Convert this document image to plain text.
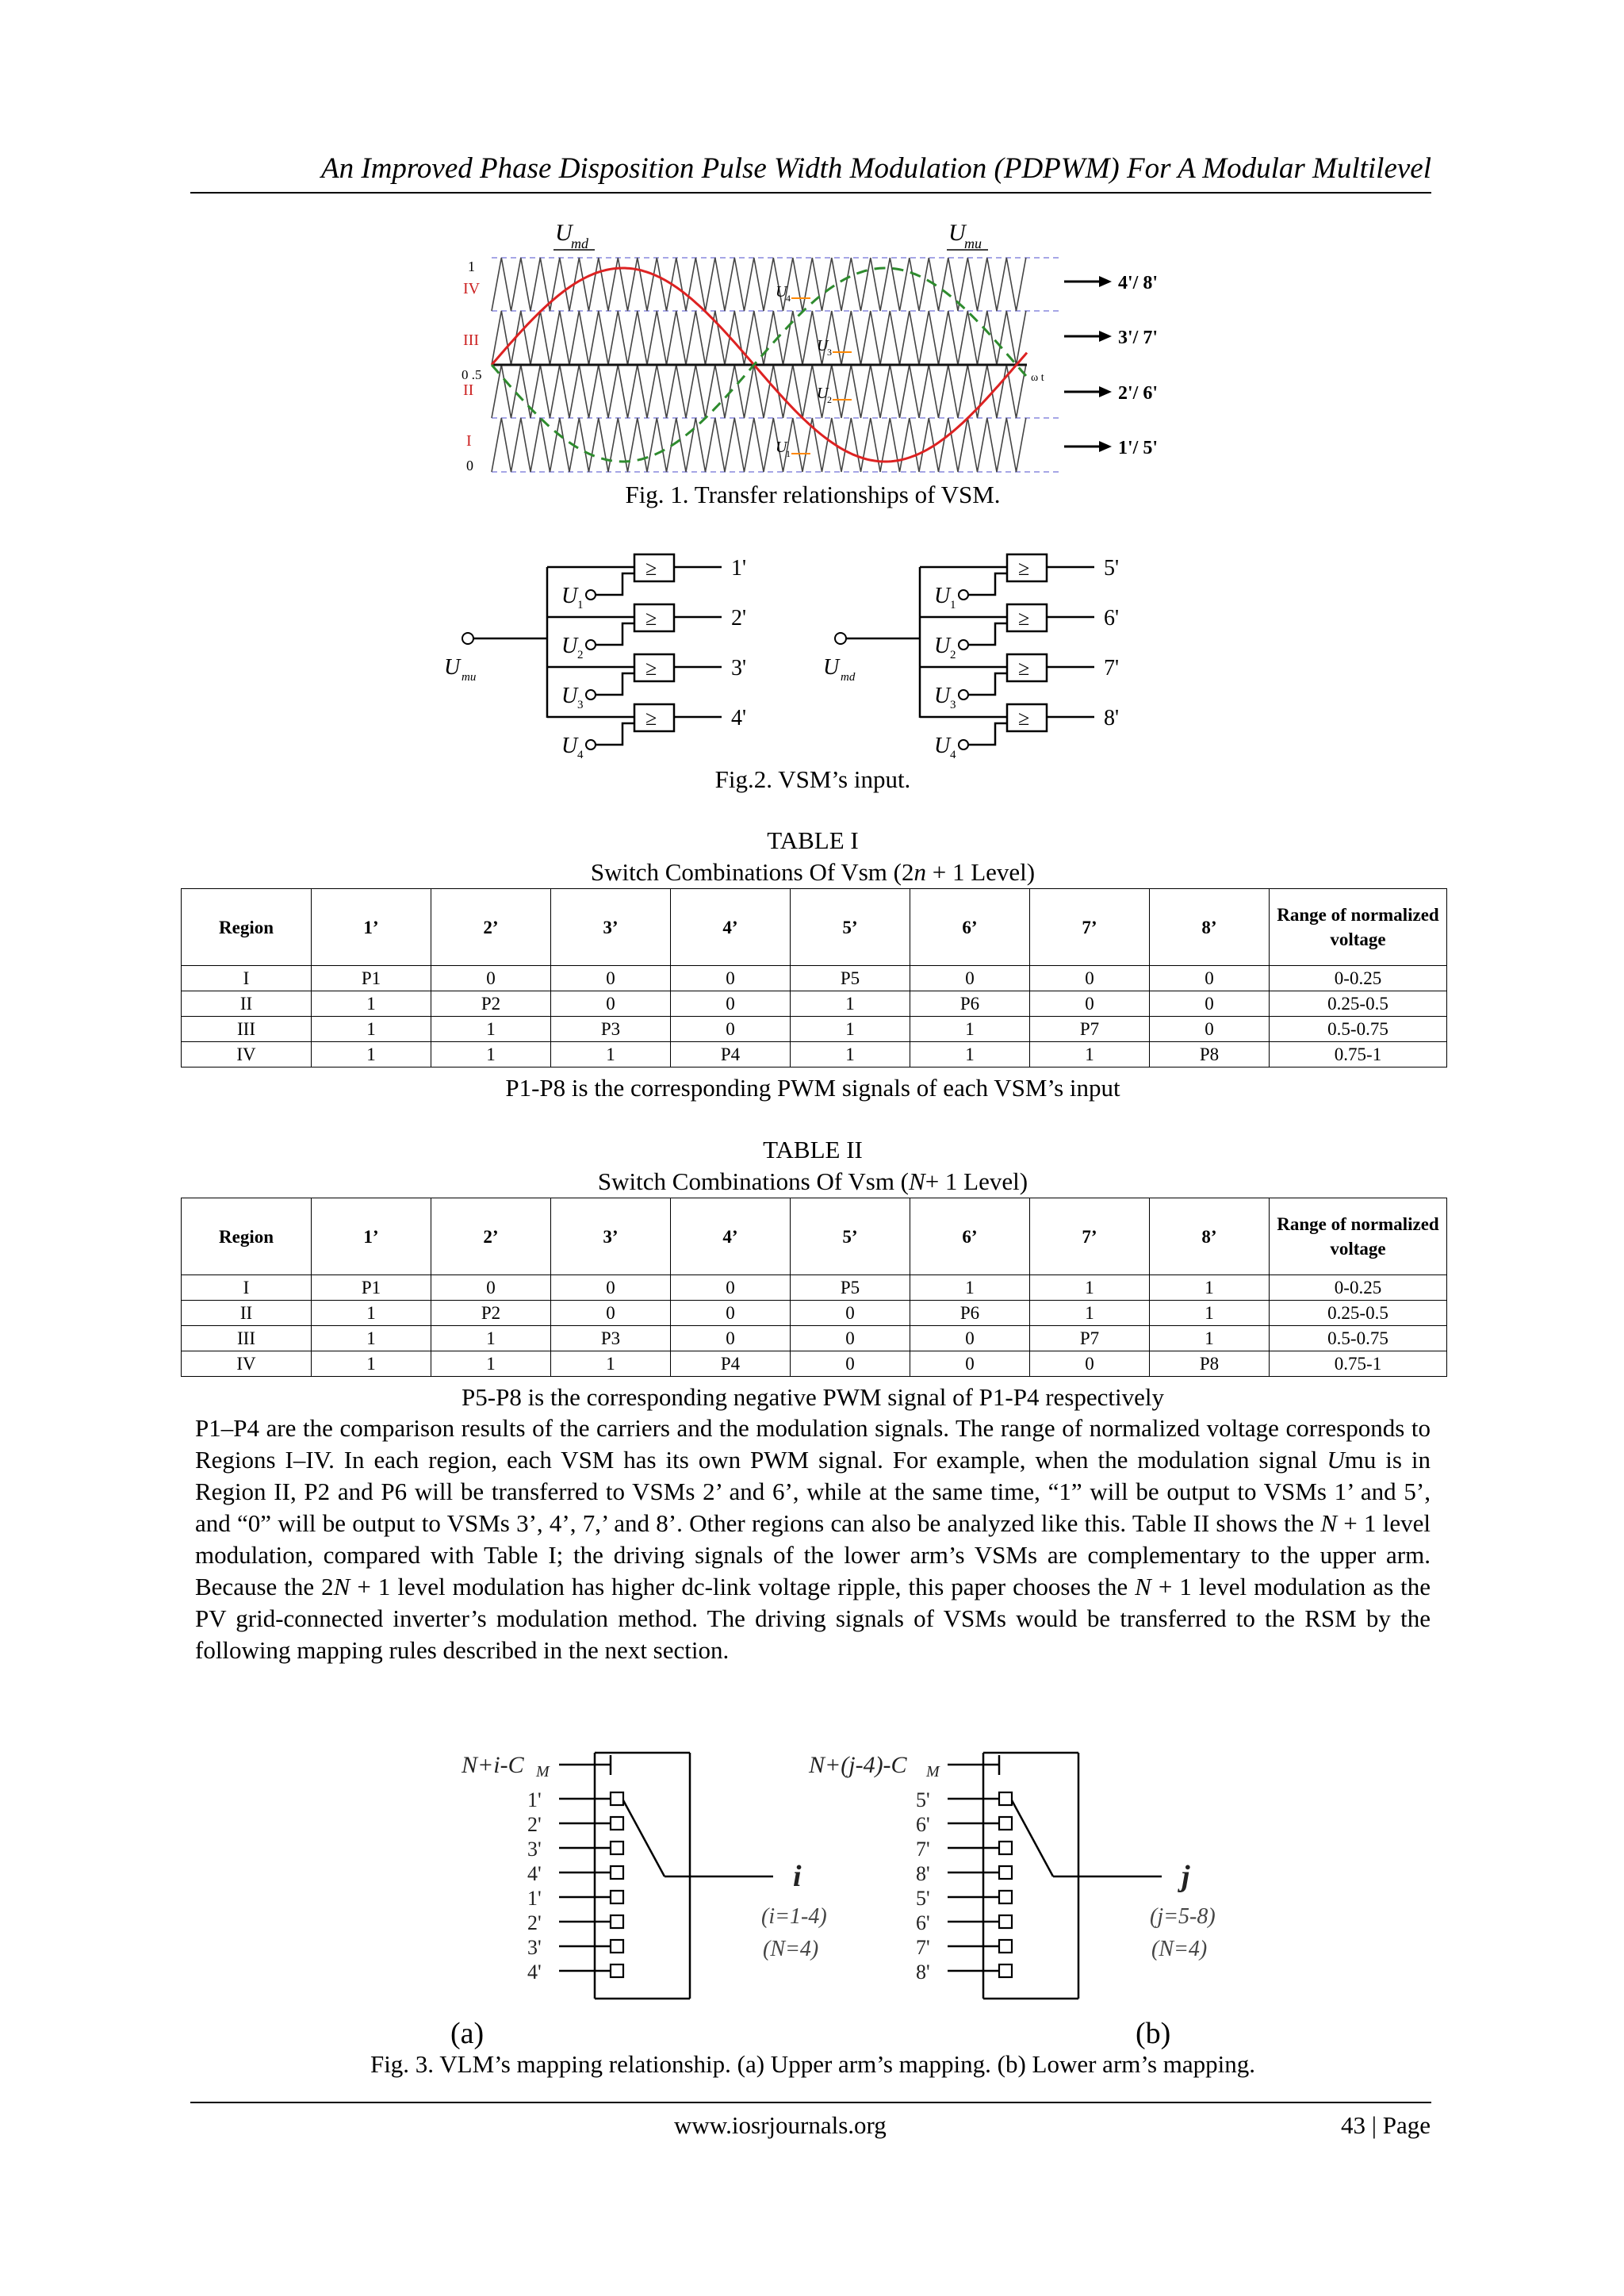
An Improved Phase Disposition Pulse Width Modulation (PDPWM) For A Modular Multilevel
1
0 .5
0
IV
III
II
I
ω t
U
md	U
mu
U
4
U
3
U
2
U
1
4'/ 8'
3'/ 7'
2'/ 6'
1'/ 5'
Fig. 1. Transfer relationships of VSM.
U mu
≥	1'
U 1
≥	2'
U 2
≥	3'
U 3
≥	4'
U 4
U md
≥	5'
U 1
≥	6'
U 2
≥	7'
U 3
≥	8'
U 4
Fig.2. VSM’s input.
TABLE I
Switch Combinations Of Vsm (2n + 1 Level)
Region	1’	2’	3’	4’	5’	6’	7’	8’	Range of normalized voltage
I	P1	0	0	0	P5	0	0	0	0-0.25
II	1	P2	0	0	1	P6	0	0	0.25-0.5
III	1	1	P3	0	1	1	P7	0	0.5-0.75
IV	1	1	1	P4	1	1	1	P8	0.75-1
P1-P8 is the corresponding PWM signals of each VSM’s input
TABLE II
Switch Combinations Of Vsm (N+ 1 Level)
Region	1’	2’	3’	4’	5’	6’	7’	8’	Range of normalized voltage
I	P1	0	0	0	P5	1	1	1	0-0.25
II	1	P2	0	0	0	P6	1	1	0.25-0.5
III	1	1	P3	0	0	0	P7	1	0.5-0.75
IV	1	1	1	P4	0	0	0	P8	0.75-1
P5-P8 is the corresponding negative PWM signal of P1-P4 respectively
P1–P4 are the comparison results of the carriers and the modulation signals. The range of normalized voltage corresponds to Regions I–IV. In each region, each VSM has its own PWM signal. For example, when the modulation signal Umu is in Region II, P2 and P6 will be transferred to VSMs 2’ and 6’, while at the same time, “1” will be output to VSMs 1’ and 5’, and “0” will be output to VSMs 3’, 4’, 7,’ and 8’. Other regions can also be analyzed like this. Table II shows the N + 1 level modulation, compared with Table I; the driving signals of the lower arm’s VSMs are complementary to the upper arm. Because the 2N + 1 level modulation has higher dc-link voltage ripple, this paper chooses the N + 1 level modulation as the PV grid-connected inverter’s modulation method. The driving signals of VSMs would be transferred to the RSM by the following mapping rules described in the next section.
N+i-C M
1'
2'
3'
4'
1'
2'
3'
4'
i
(i=1-4)
(N=4)
N+(j-4)-C M
5'
6'
7'
8'
5'
6'
7'
8'
j
(j=5-8)
(N=4)
(a)	(b)
Fig. 3. VLM’s mapping relationship. (a) Upper arm’s mapping. (b) Lower arm’s mapping.
www.iosrjournals.org	43 | Page
